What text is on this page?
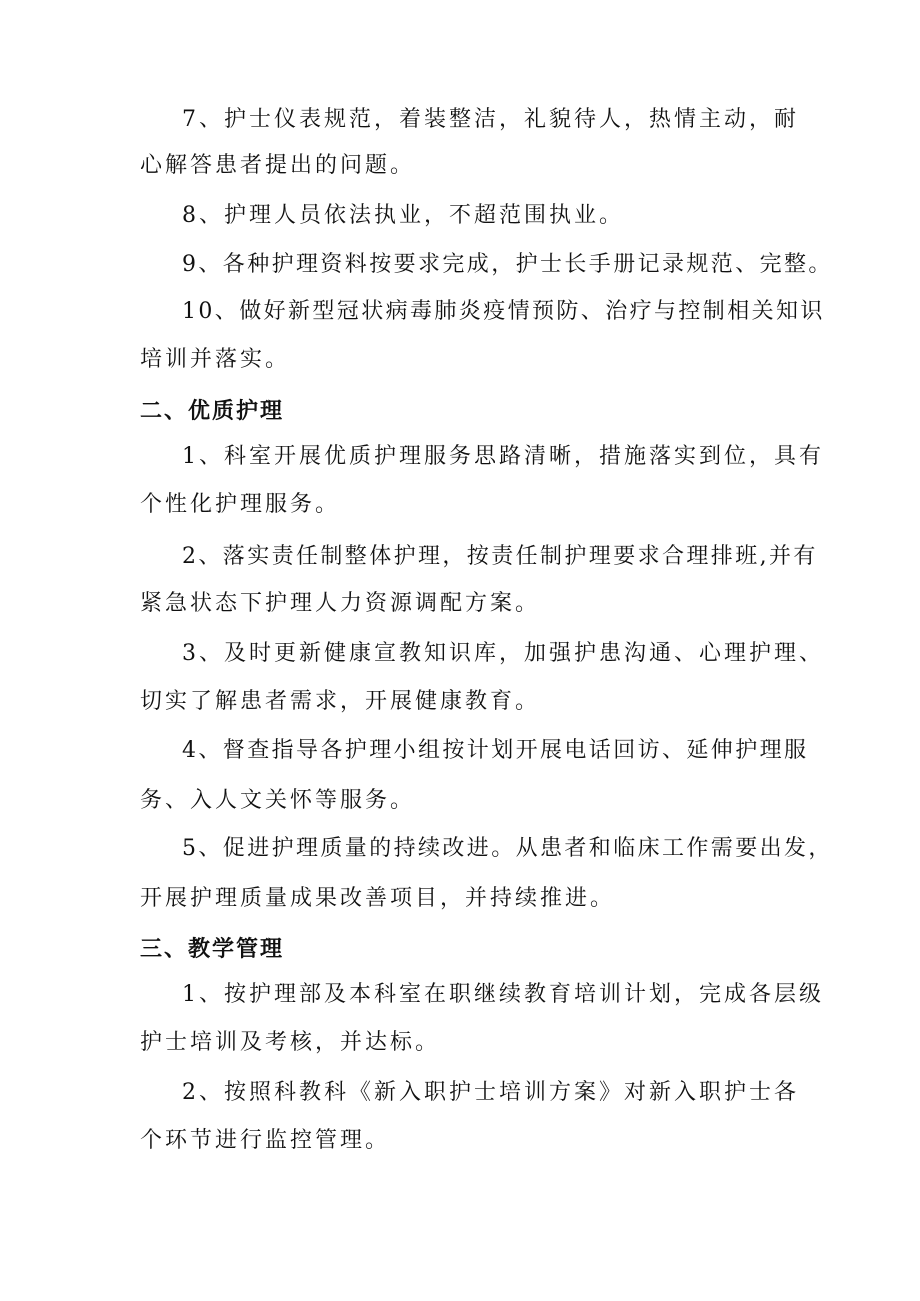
7、护士仪表规范，着装整洁，礼貌待人，热情主动，耐

心解答患者提出的问题。

8、护理人员依法执业，不超范围执业。

9、各种护理资料按要求完成，护士长手册记录规范、完整。

10、做好新型冠状病毒肺炎疫情预防、治疗与控制相关知识

培训并落实。

二、优质护理

1、科室开展优质护理服务思路清晰，措施落实到位，具有

个性化护理服务。

2、落实责任制整体护理，按责任制护理要求合理排班,并有

紧急状态下护理人力资源调配方案。

3、及时更新健康宣教知识库，加强护患沟通、心理护理、

切实了解患者需求，开展健康教育。

4、督查指导各护理小组按计划开展电话回访、延伸护理服

务、入人文关怀等服务。

5、促进护理质量的持续改进。从患者和临床工作需要出发，

开展护理质量成果改善项目，并持续推进。

三、教学管理

1、按护理部及本科室在职继续教育培训计划，完成各层级

护士培训及考核，并达标。

2、按照科教科《新入职护士培训方案》对新入职护士各

个环节进行监控管理。
